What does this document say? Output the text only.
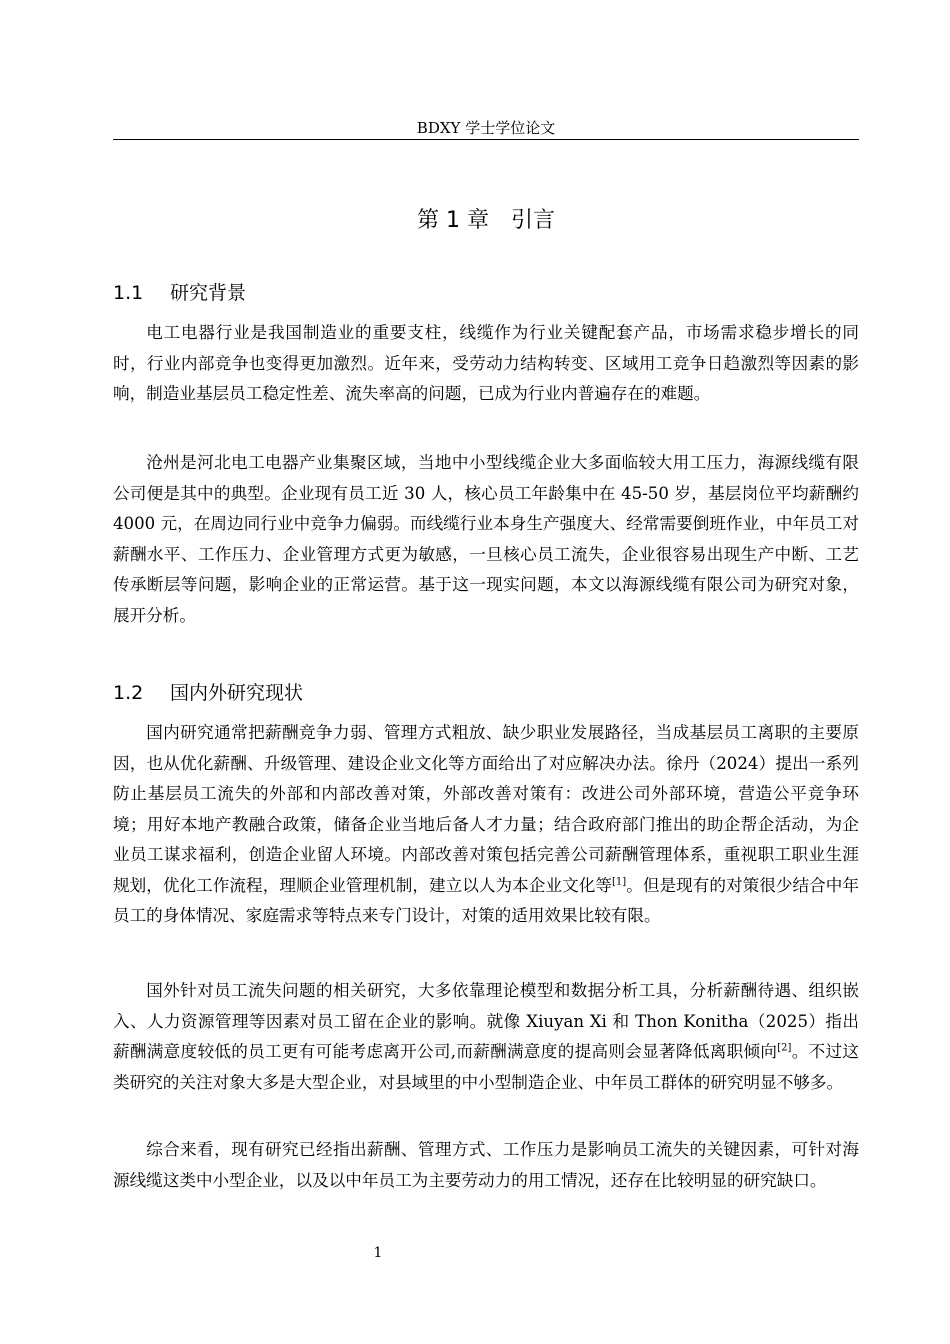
BDXY 学士学位论文
第 1 章　引言
1.1 研究背景

电工电器行业是我国制造业的重要支柱，线缆作为行业关键配套产品，市场需求稳步增长的同时，行业内部竞争也变得更加激烈。近年来，受劳动力结构转变、区域用工竞争日趋激烈等因素的影响，制造业基层员工稳定性差、流失率高的问题，已成为行业内普遍存在的难题。

沧州是河北电工电器产业集聚区域，当地中小型线缆企业大多面临较大用工压力，海源线缆有限公司便是其中的典型。企业现有员工近 30 人，核心员工年龄集中在 45-50 岁，基层岗位平均薪酬约 4000 元，在周边同行业中竞争力偏弱。而线缆行业本身生产强度大、经常需要倒班作业，中年员工对薪酬水平、工作压力、企业管理方式更为敏感，一旦核心员工流失，企业很容易出现生产中断、工艺传承断层等问题，影响企业的正常运营。基于这一现实问题，本文以海源线缆有限公司为研究对象，展开分析。

1.2 国内外研究现状

国内研究通常把薪酬竞争力弱、管理方式粗放、缺少职业发展路径，当成基层员工离职的主要原因，也从优化薪酬、升级管理、建设企业文化等方面给出了对应解决办法。徐丹（2024）提出一系列防止基层员工流失的外部和内部改善对策，外部改善对策有：改进公司外部环境，营造公平竞争环境；用好本地产教融合政策，储备企业当地后备人才力量；结合政府部门推出的助企帮企活动，为企业员工谋求福利，创造企业留人环境。内部改善对策包括完善公司薪酬管理体系，重视职工职业生涯规划，优化工作流程，理顺企业管理机制，建立以人为本企业文化等[1]。但是现有的对策很少结合中年员工的身体情况、家庭需求等特点来专门设计，对策的适用效果比较有限。

国外针对员工流失问题的相关研究，大多依靠理论模型和数据分析工具，分析薪酬待遇、组织嵌入、人力资源管理等因素对员工留在企业的影响。就像 Xiuyan Xi 和 Thon Konitha（2025）指出薪酬满意度较低的员工更有可能考虑离开公司,而薪酬满意度的提高则会显著降低离职倾向[2]。不过这类研究的关注对象大多是大型企业，对县域里的中小型制造企业、中年员工群体的研究明显不够多。

综合来看，现有研究已经指出薪酬、管理方式、工作压力是影响员工流失的关键因素，可针对海源线缆这类中小型企业，以及以中年员工为主要劳动力的用工情况，还存在比较明显的研究缺口。

1
